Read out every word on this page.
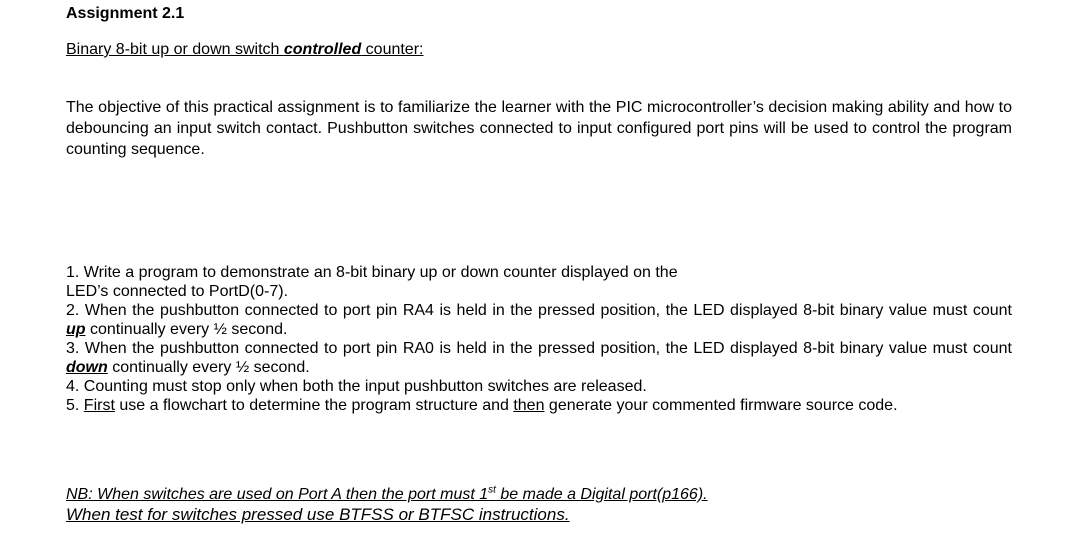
Assignment 2.1
Binary 8-bit up or down switch controlled counter:
The objective of this practical assignment is to familiarize the learner with the PIC microcontroller’s decision making ability and how to debouncing an input switch contact. Pushbutton switches connected to input configured port pins will be used to control the program counting sequence.

1. Write a program to demonstrate an 8-bit binary up or down counter displayed on the

LED’s connected to PortD(0-7).

2. When the pushbutton connected to port pin RA4 is held in the pressed position, the LED displayed 8-bit binary value must count up continually every ½ second.

3. When the pushbutton connected to port pin RA0 is held in the pressed position, the LED displayed 8-bit binary value must count down continually every ½ second.

4. Counting must stop only when both the input pushbutton switches are released.

5. First use a flowchart to determine the program structure and then generate your commented firmware source code.

NB: When switches are used on Port A then the port must 1st be made a Digital port(p166).

When test for switches pressed use BTFSS or BTFSC instructions.
